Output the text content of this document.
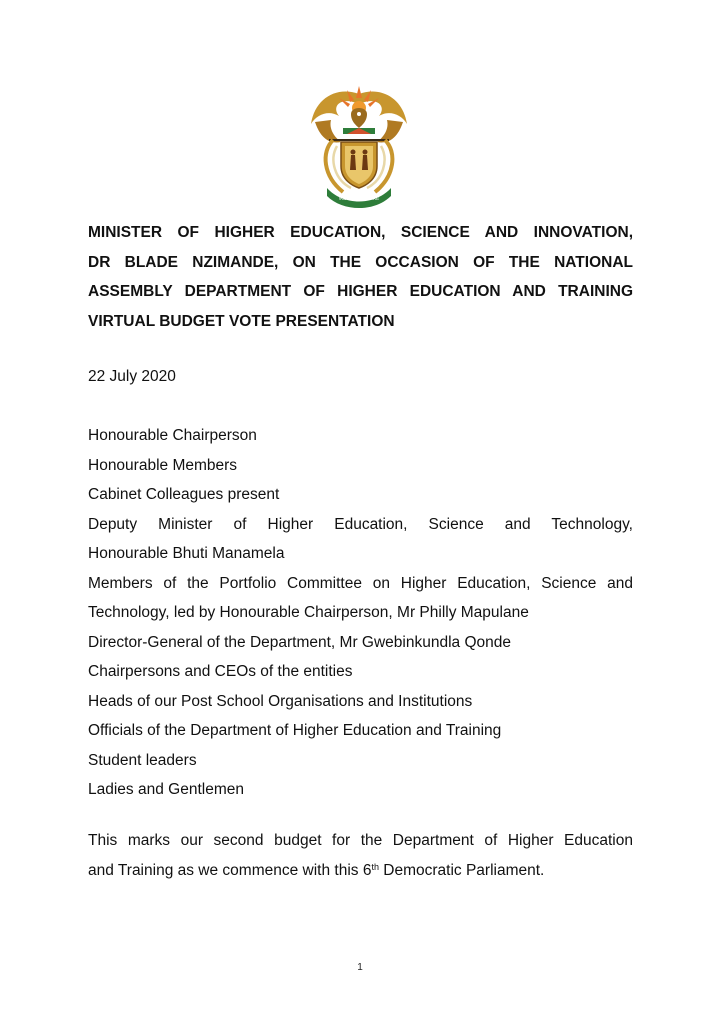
!KE E: /XARRA //KE
MINISTER OF HIGHER EDUCATION, SCIENCE AND INNOVATION,
DR BLADE NZIMANDE, ON THE OCCASION OF THE NATIONAL
ASSEMBLY DEPARTMENT OF HIGHER EDUCATION AND TRAINING
VIRTUAL BUDGET VOTE PRESENTATION
22 July 2020
Honourable Chairperson
Honourable Members
Cabinet Colleagues present
Deputy Minister of Higher Education, Science and Technology,
Honourable Bhuti Manamela
Members of the Portfolio Committee on Higher Education, Science and
Technology, led by Honourable Chairperson, Mr Philly Mapulane
Director-General of the Department, Mr Gwebinkundla Qonde
Chairpersons and CEOs of the entities
Heads of our Post School Organisations and Institutions
Officials of the Department of Higher Education and Training
Student leaders
Ladies and Gentlemen
This marks our second budget for the Department of Higher Education
and Training as we commence with this 6th Democratic Parliament.
1
